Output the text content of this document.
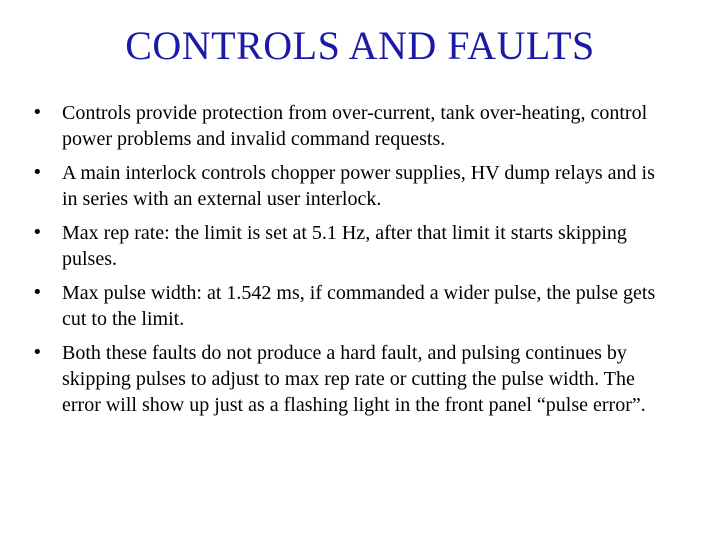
CONTROLS AND FAULTS
• Controls provide protection from over-current, tank over-heating, control power problems and invalid command requests.
• A main interlock controls chopper power supplies, HV dump relays and is in series with an external user interlock.
• Max rep rate: the limit is set at 5.1 Hz, after that limit it starts skipping pulses.
• Max pulse width: at 1.542 ms, if commanded a wider pulse, the pulse gets cut to the limit.
• Both these faults do not produce a hard fault, and pulsing continues by skipping pulses to adjust to max rep rate or cutting the pulse width. The error will show up just as a flashing light in the front panel “pulse error”.
